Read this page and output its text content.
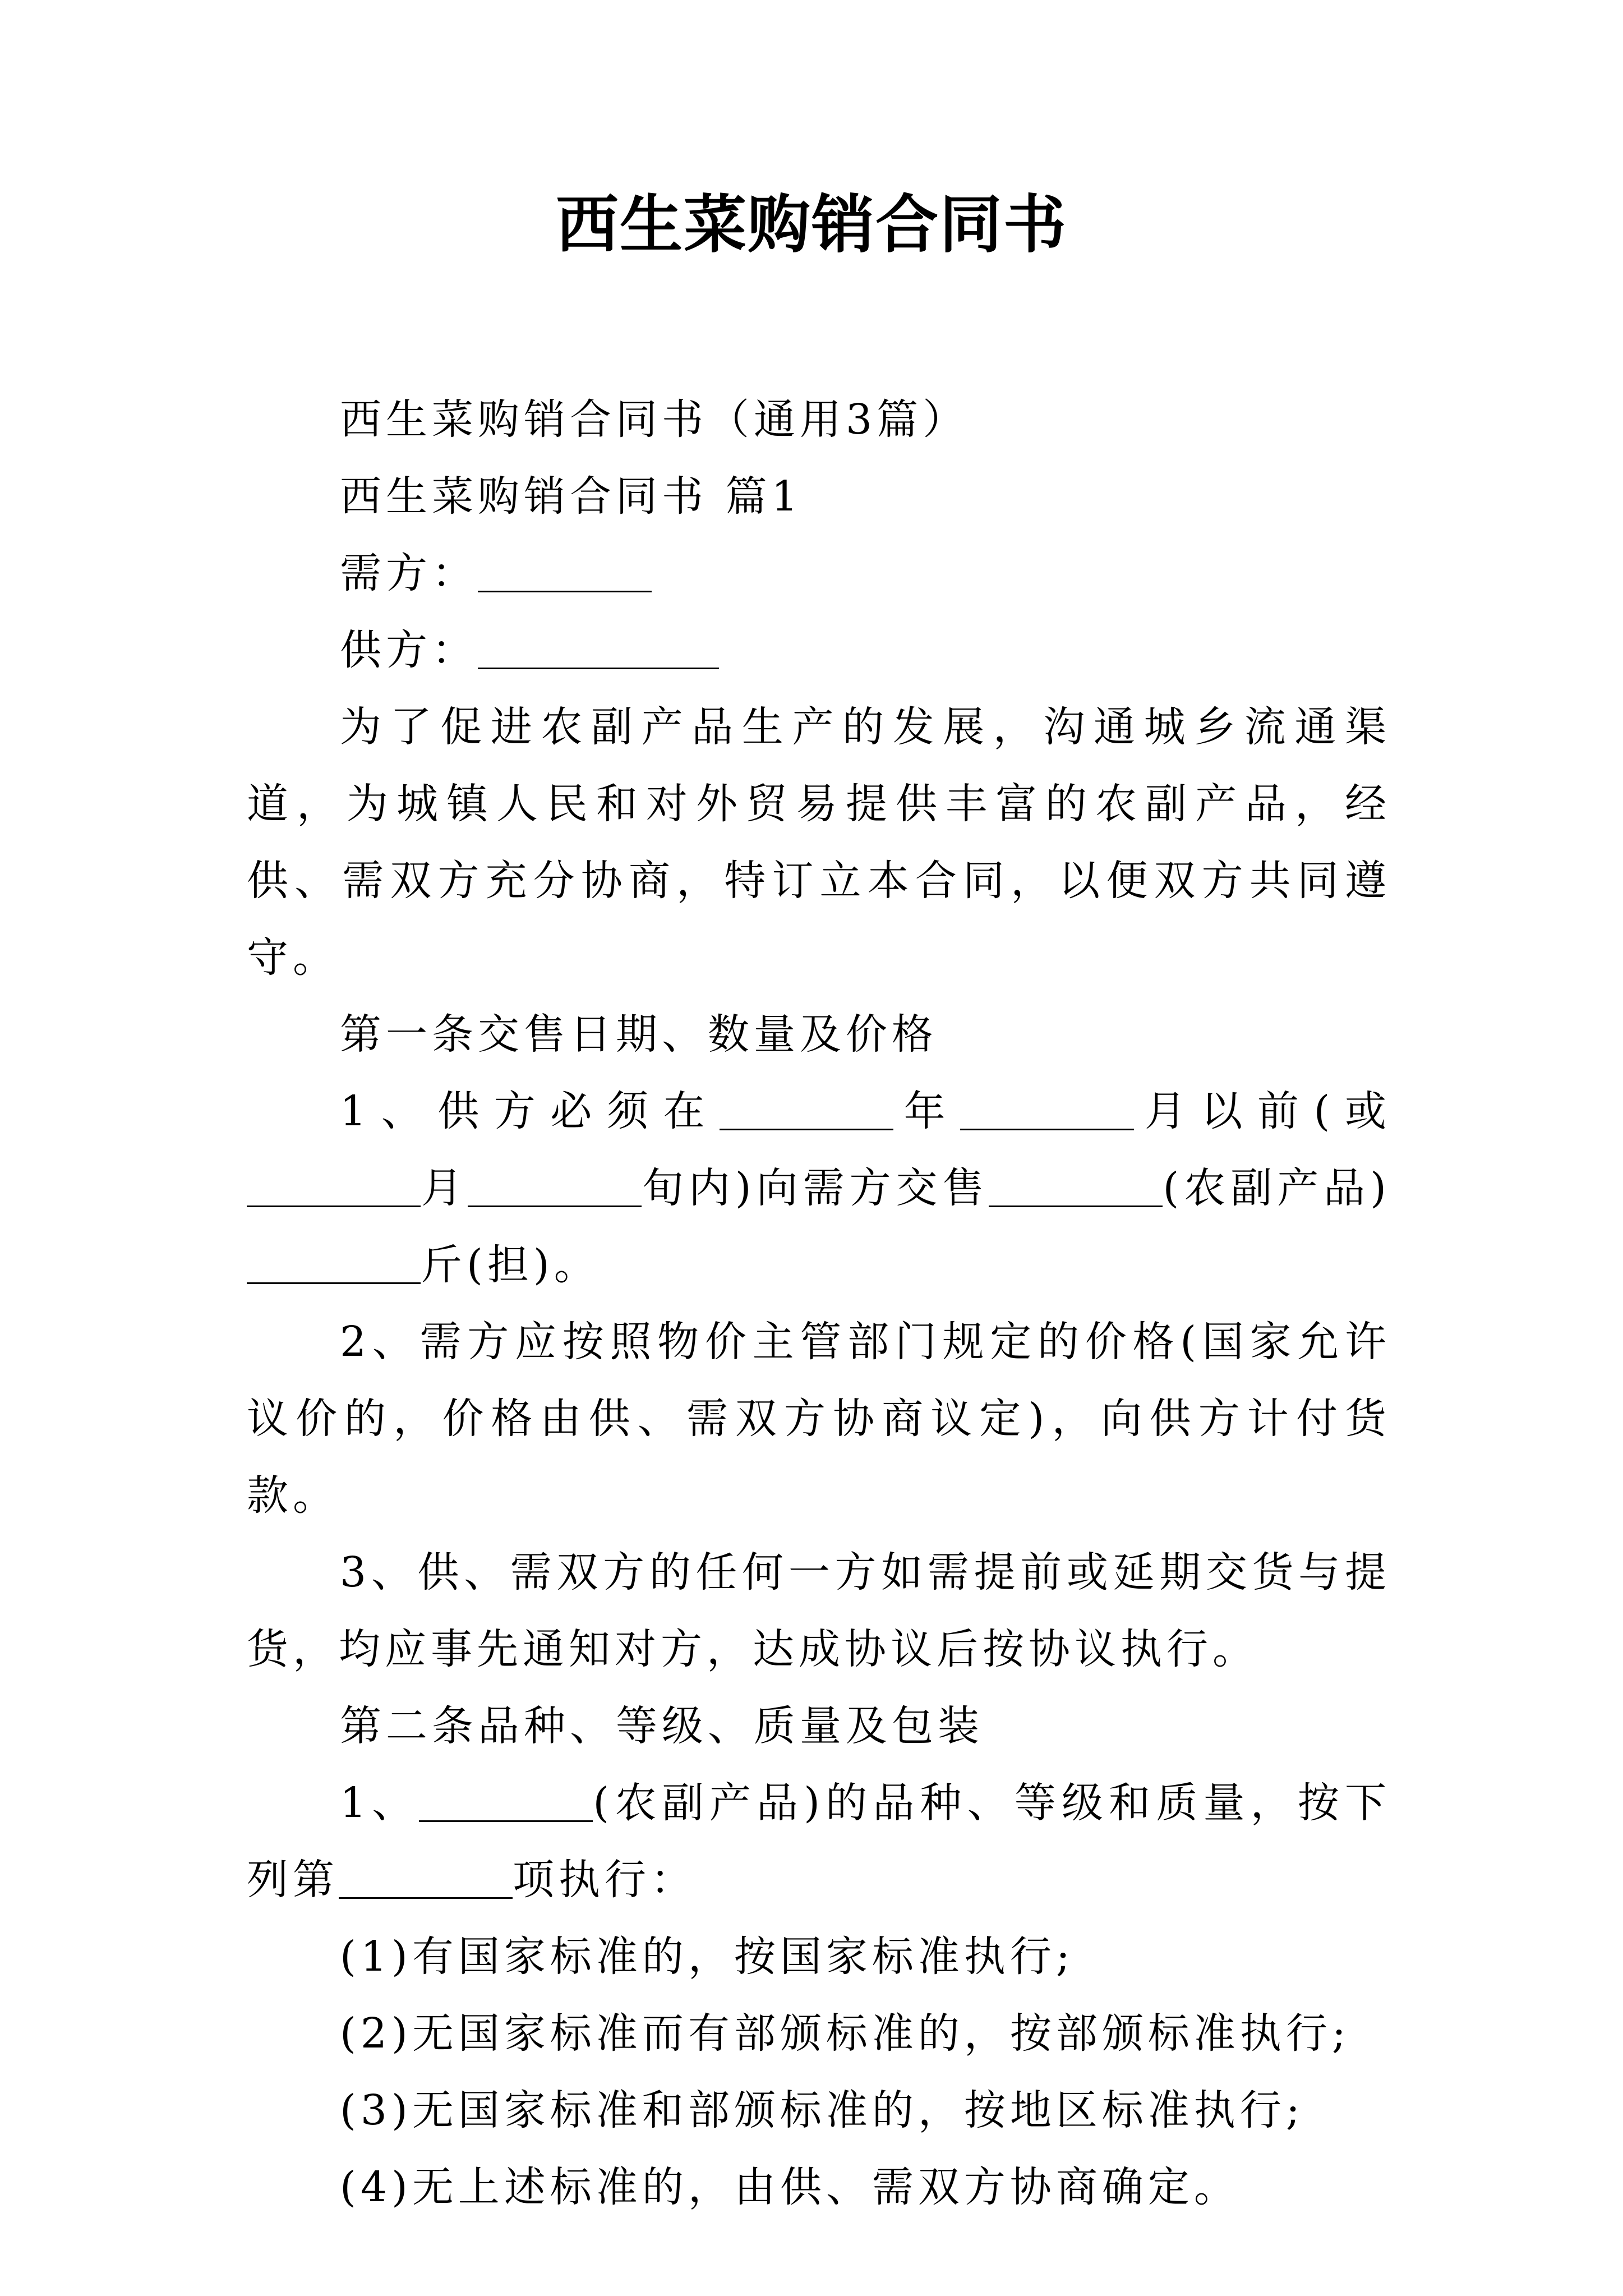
西生菜购销合同书

西生菜购销合同书（通用3篇）

西生菜购销合同书 篇1

需方：

供方：

为了促进农副产品生产的发展，沟通城乡流通渠道，为城镇人民和对外贸易提供丰富的农副产品，经供、需双方充分协商，特订立本合同，以便双方共同遵守。

第一条交售日期、数量及价格

1、供方必须在	年	月以前(或月	旬内)向需方交售	(农副产品)斤(担)。

2、需方应按照物价主管部门规定的价格(国家允许议价的，价格由供、需双方协商议定)，向供方计付货款。

3、供、需双方的任何一方如需提前或延期交货与提货，均应事先通知对方，达成协议后按协议执行。

第二条品种、等级、质量及包装

1、	(农副产品)的品种、等级和质量，按下列第	项执行：

(1)有国家标准的，按国家标准执行;

(2)无国家标准而有部颁标准的，按部颁标准执行;

(3)无国家标准和部颁标准的，按地区标准执行;

(4)无上述标准的，由供、需双方协商确定。
